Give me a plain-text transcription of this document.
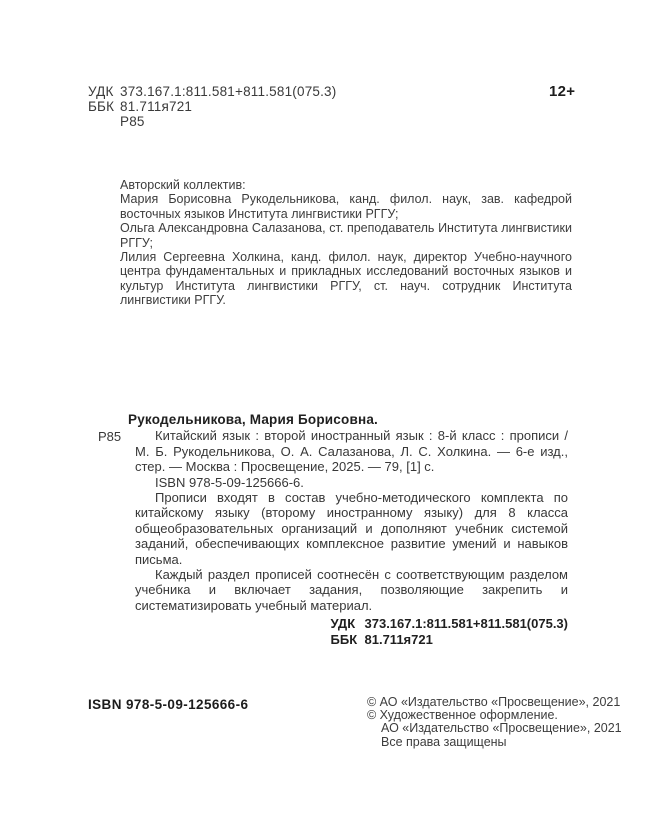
УДК 373.167.1:811.581+811.581(075.3)
ББК 81.711я721
Р85
12+
Авторский коллектив:
Мария Борисовна Рукодельникова, канд. филол. наук, зав. кафедрой восточных языков Института лингвистики РГГУ;
Ольга Александровна Салазанова, ст. преподаватель Института лингвистики РГГУ;
Лилия Сергеевна Холкина, канд. филол. наук, директор Учебно-научного центра фундаментальных и прикладных исследований восточных языков и культур Института лингвистики РГГУ, ст. науч. сотрудник Института лингвистики РГГУ.
Рукодельникова, Мария Борисовна.
Р85	Китайский язык : второй иностранный язык : 8-й класс : прописи / М. Б. Рукодельникова, О. А. Салазанова, Л. С. Холкина. — 6-е изд., стер. — Москва : Просвещение, 2025. — 79, [1] с.
ISBN 978-5-09-125666-6.
Прописи входят в состав учебно-методического комплекта по китайскому языку (второму иностранному языку) для 8 класса общеобразовательных организаций и дополняют учебник системой заданий, обеспечивающих комплексное развитие умений и навыков письма.
Каждый раздел прописей соотнесён с соответствующим разделом учебника и включает задания, позволяющие закрепить и систематизировать учебный материал.
УДК 373.167.1:811.581+811.581(075.3)
ББК 81.711я721
ISBN 978-5-09-125666-6	© АО «Издательство «Просвещение», 2021
© Художественное оформление.
АО «Издательство «Просвещение», 2021
Все права защищены
